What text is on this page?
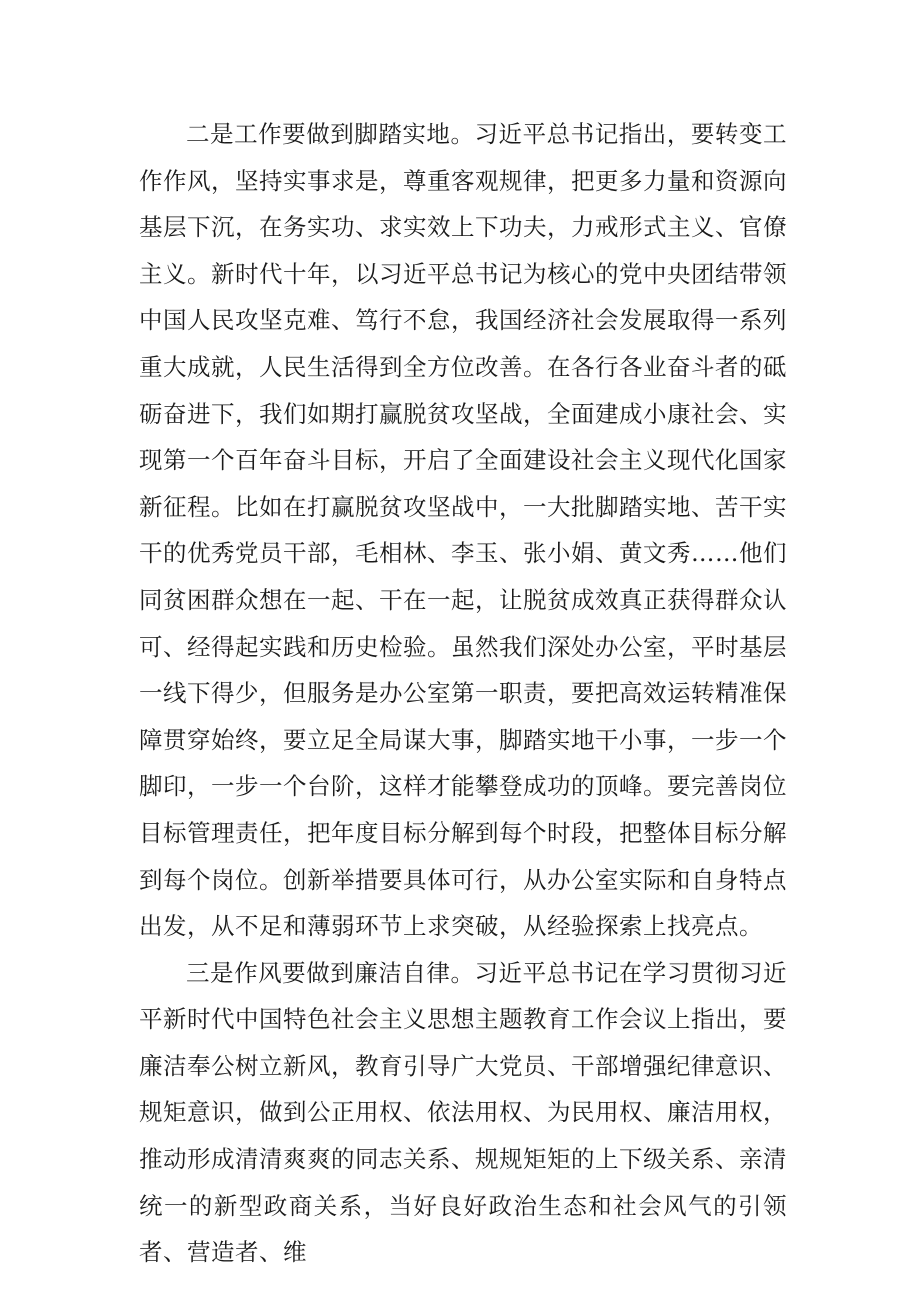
二是工作要做到脚踏实地。习近平总书记指出，要转变工作作风，坚持实事求是，尊重客观规律，把更多力量和资源向基层下沉，在务实功、求实效上下功夫，力戒形式主义、官僚主义。新时代十年，以习近平总书记为核心的党中央团结带领中国人民攻坚克难、笃行不怠，我国经济社会发展取得一系列重大成就，人民生活得到全方位改善。在各行各业奋斗者的砥砺奋进下，我们如期打赢脱贫攻坚战，全面建成小康社会、实现第一个百年奋斗目标，开启了全面建设社会主义现代化国家新征程。比如在打赢脱贫攻坚战中，一大批脚踏实地、苦干实干的优秀党员干部，毛相林、李玉、张小娟、黄文秀……他们同贫困群众想在一起、干在一起，让脱贫成效真正获得群众认可、经得起实践和历史检验。虽然我们深处办公室，平时基层一线下得少，但服务是办公室第一职责，要把高效运转精准保障贯穿始终，要立足全局谋大事，脚踏实地干小事，一步一个脚印，一步一个台阶，这样才能攀登成功的顶峰。要完善岗位目标管理责任，把年度目标分解到每个时段，把整体目标分解到每个岗位。创新举措要具体可行，从办公室实际和自身特点出发，从不足和薄弱环节上求突破，从经验探索上找亮点。

三是作风要做到廉洁自律。习近平总书记在学习贯彻习近平新时代中国特色社会主义思想主题教育工作会议上指出，要廉洁奉公树立新风，教育引导广大党员、干部增强纪律意识、规矩意识，做到公正用权、依法用权、为民用权、廉洁用权，推动形成清清爽爽的同志关系、规规矩矩的上下级关系、亲清统一的新型政商关系，当好良好政治生态和社会风气的引领者、营造者、维
